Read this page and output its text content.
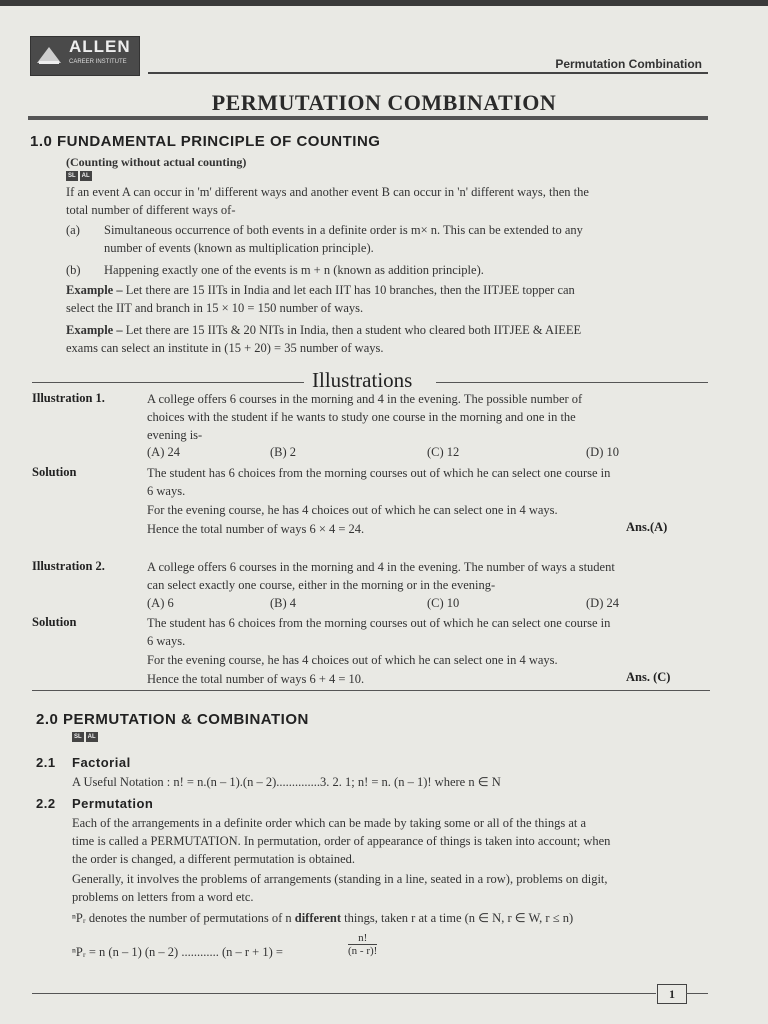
ALLEN
CAREER INSTITUTE	Permutation Combination
PERMUTATION COMBINATION
1.0 FUNDAMENTAL PRINCIPLE OF COUNTING
(Counting without actual counting)
SL	AL
If an event A can occur in 'm' different ways and another event B can occur in 'n' different ways, then the
total number of different ways of-
(a) Simultaneous occurrence of both events in a definite order is m× n. This can be extended to any
number of events (known as multiplication principle).
(b) Happening exactly one of the events is m + n (known as addition principle).
Example – Let there are 15 IITs in India and let each IIT has 10 branches, then the IITJEE topper can
select the IIT and branch in 15 × 10 = 150 number of ways.
Example – Let there are 15 IITs & 20 NITs in India, then a student who cleared both IITJEE & AIEEE
exams can select an institute in (15 + 20) = 35 number of ways.
Illustrations
Illustration 1.	A college offers 6 courses in the morning and 4 in the evening. The possible number of
choices with the student if he wants to study one course in the morning and one in the
evening is-
(A) 24	(B) 2	(C) 12	(D) 10
Solution	The student has 6 choices from the morning courses out of which he can select one course in
6 ways.
For the evening course, he has 4 choices out of which he can select one in 4 ways.
Hence the total number of ways 6 × 4 = 24.	Ans.(A)
Illustration 2.	A college offers 6 courses in the morning and 4 in the evening. The number of ways a student
can select exactly one course, either in the morning or in the evening-
(A) 6	(B) 4	(C) 10	(D) 24
Solution	The student has 6 choices from the morning courses out of which he can select one course in
6 ways.
For the evening course, he has 4 choices out of which he can select one in 4 ways.
Hence the total number of ways 6 + 4 = 10.	Ans. (C)
2.0 PERMUTATION & COMBINATION
SL	AL
2.1 Factorial
A Useful Notation : n! = n.(n – 1).(n – 2)..............3. 2. 1; n! = n. (n – 1)! where n ∈ N
2.2 Permutation
Each of the arrangements in a definite order which can be made by taking some or all of the things at a
time is called a PERMUTATION. In permutation, order of appearance of things is taken into account; when
the order is changed, a different permutation is obtained.
Generally, it involves the problems of arrangements (standing in a line, seated in a row), problems on digit,
problems on letters from a word etc.
ⁿPᵣ denotes the number of permutations of n different things, taken r at a time (n ∈ N, r ∈ W, r ≤ n)
ⁿPᵣ = n (n – 1) (n – 2) ............ (n – r + 1) =	$\frac{n!}{(n - r)!}$
1
